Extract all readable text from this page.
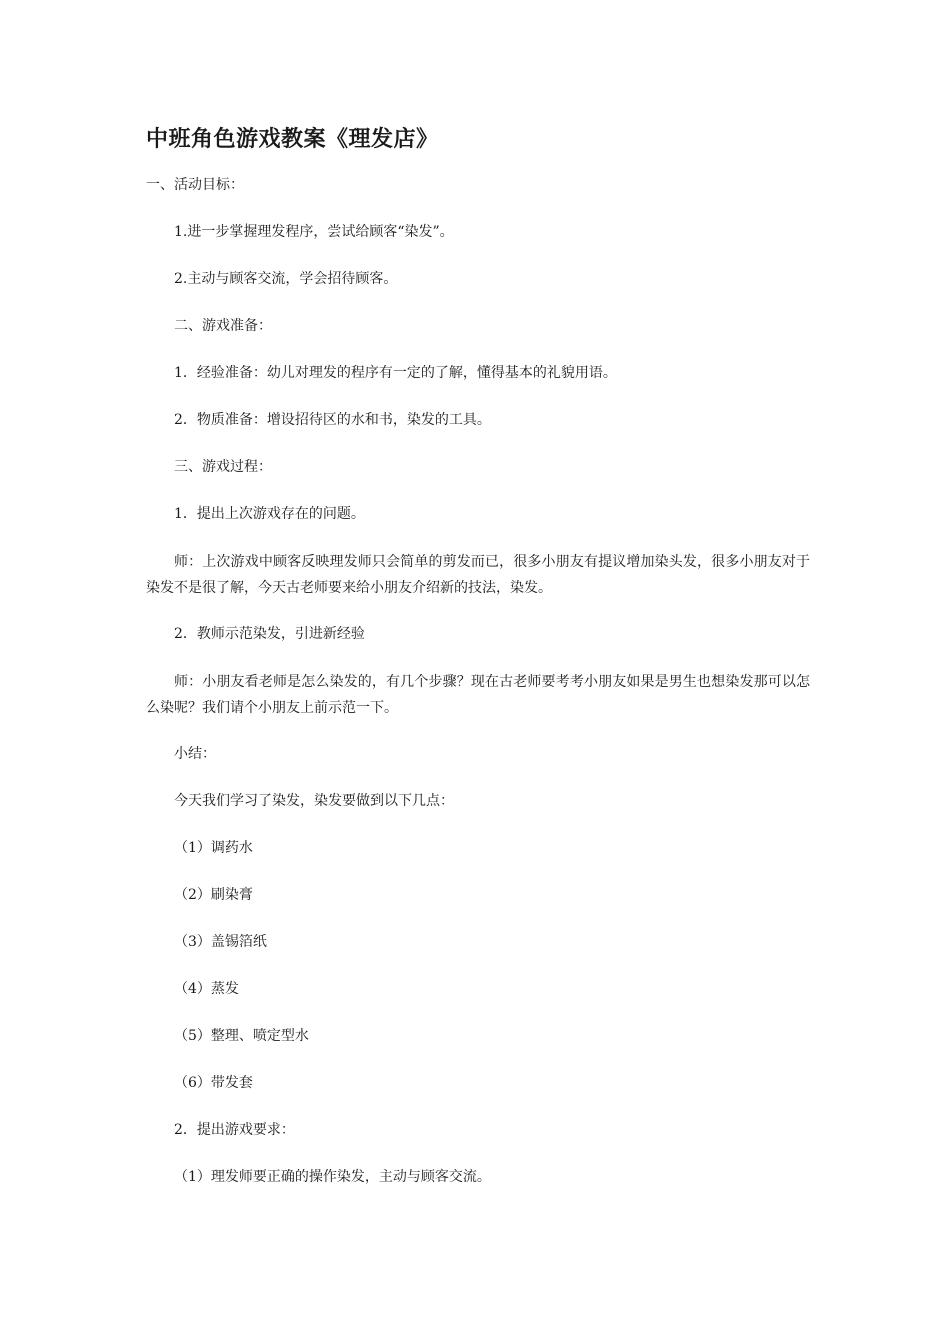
中班角色游戏教案《理发店》

一、活动目标：

1.进一步掌握理发程序，尝试给顾客“染发”。

2.主动与顾客交流，学会招待顾客。

二、游戏准备：

1．经验准备：幼儿对理发的程序有一定的了解，懂得基本的礼貌用语。

2．物质准备：增设招待区的水和书，染发的工具。

三、游戏过程：

1．提出上次游戏存在的问题。

师：上次游戏中顾客反映理发师只会简单的剪发而已，很多小朋友有提议增加染头发，很多小朋友对于染发不是很了解，今天古老师要来给小朋友介绍新的技法，染发。

2．教师示范染发，引进新经验

师：小朋友看老师是怎么染发的，有几个步骤？现在古老师要考考小朋友如果是男生也想染发那可以怎么染呢？我们请个小朋友上前示范一下。

小结：

今天我们学习了染发，染发要做到以下几点：

（1）调药水

（2）刷染膏

（3）盖锡箔纸

（4）蒸发

（5）整理、喷定型水

（6）带发套

2．提出游戏要求：

（1）理发师要正确的操作染发，主动与顾客交流。
